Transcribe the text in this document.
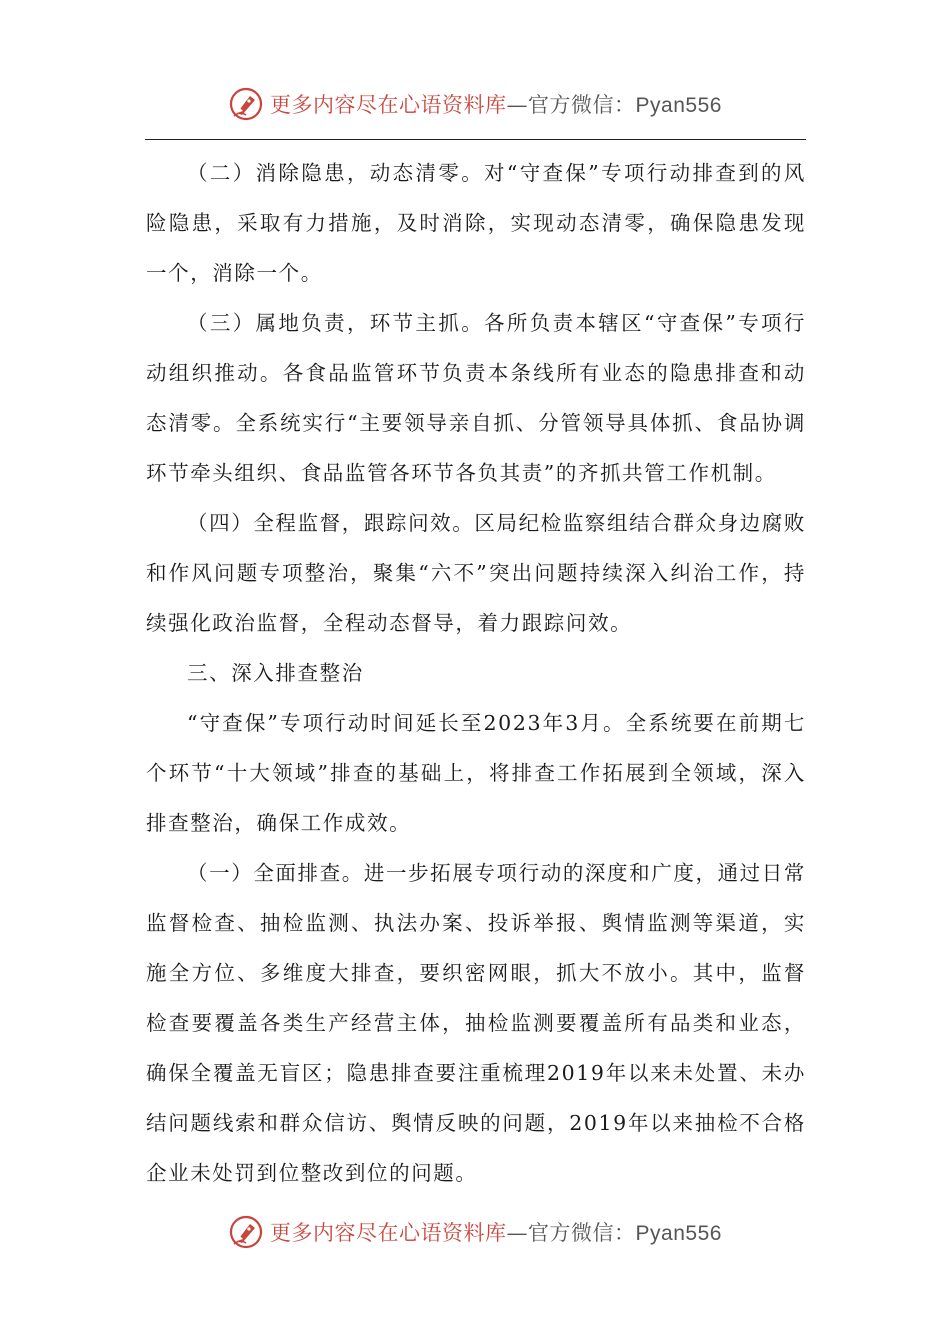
更多内容尽在心语资料库—官方微信：Pyan556

（二）消除隐患，动态清零。对“守查保”专项行动排查到的风险隐患，采取有力措施，及时消除，实现动态清零，确保隐患发现一个，消除一个。

（三）属地负责，环节主抓。各所负责本辖区“守查保”专项行动组织推动。各食品监管环节负责本条线所有业态的隐患排查和动态清零。全系统实行“主要领导亲自抓、分管领导具体抓、食品协调环节牵头组织、食品监管各环节各负其责”的齐抓共管工作机制。

（四）全程监督，跟踪问效。区局纪检监察组结合群众身边腐败和作风问题专项整治，聚集“六不”突出问题持续深入纠治工作，持续强化政治监督，全程动态督导，着力跟踪问效。

三、深入排查整治

“守查保”专项行动时间延长至2023年3月。全系统要在前期七个环节“十大领域”排查的基础上，将排查工作拓展到全领域，深入排查整治，确保工作成效。

（一）全面排查。进一步拓展专项行动的深度和广度，通过日常监督检查、抽检监测、执法办案、投诉举报、舆情监测等渠道，实施全方位、多维度大排查，要织密网眼，抓大不放小。其中，监督检查要覆盖各类生产经营主体，抽检监测要覆盖所有品类和业态，确保全覆盖无盲区；隐患排查要注重梳理2019年以来未处置、未办结问题线索和群众信访、舆情反映的问题，2019年以来抽检不合格企业未处罚到位整改到位的问题。

更多内容尽在心语资料库—官方微信：Pyan556
